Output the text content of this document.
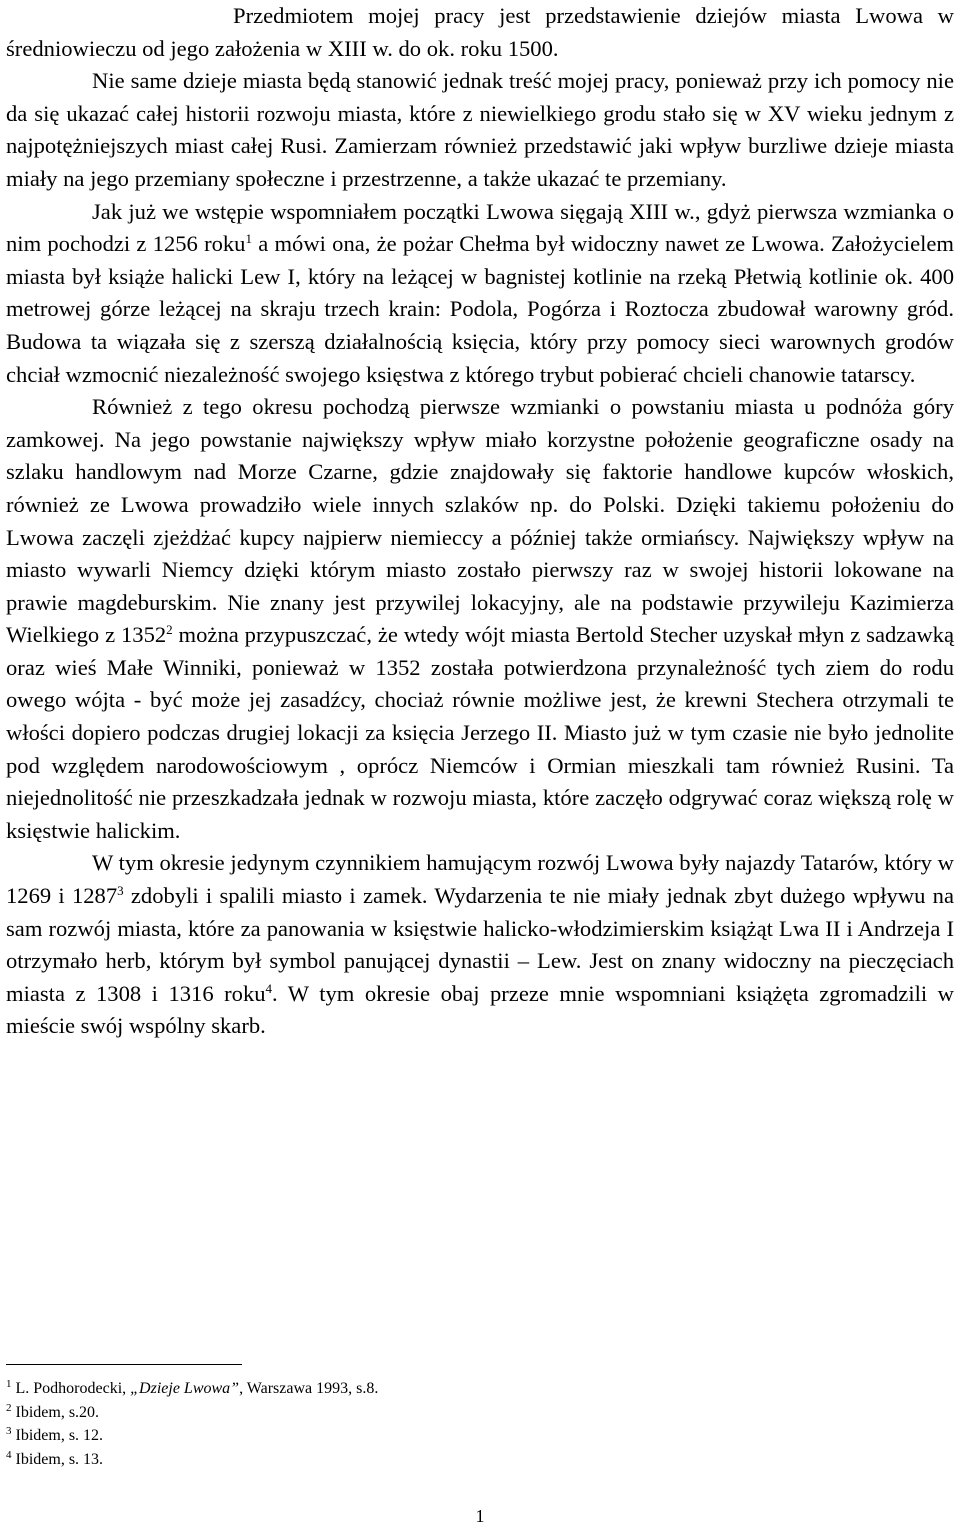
Przedmiotem mojej pracy jest przedstawienie dziejów miasta Lwowa w średniowieczu od jego założenia w XIII w. do ok. roku 1500.

Nie same dzieje miasta będą stanowić jednak treść mojej pracy, ponieważ przy ich pomocy nie da się ukazać całej historii rozwoju miasta, które z niewielkiego grodu stało się w XV wieku jednym z najpotężniejszych miast całej Rusi. Zamierzam również przedstawić jaki wpływ burzliwe dzieje miasta miały na jego przemiany społeczne i przestrzenne, a także ukazać te przemiany.

Jak już we wstępie wspomniałem początki Lwowa sięgają XIII w., gdyż pierwsza wzmianka o nim pochodzi z 1256 roku$^1$ a mówi ona, że pożar Chełma był widoczny nawet ze Lwowa. Założycielem miasta był książe halicki Lew I, który na leżącej w bagnistej kotlinie na rzeką Płetwią kotlinie ok. 400 metrowej górze leżącej na skraju trzech krain: Podola, Pogórza i Roztocza zbudował warowny gród. Budowa ta wiązała się z szerszą działalnością księcia, który przy pomocy sieci warownych grodów chciał wzmocnić niezależność swojego księstwa z którego trybut pobierać chcieli chanowie tatarscy.

Również z tego okresu pochodzą pierwsze wzmianki o powstaniu miasta u podnóża góry zamkowej. Na jego powstanie największy wpływ miało korzystne położenie geograficzne osady na szlaku handlowym nad Morze Czarne, gdzie znajdowały się faktorie handlowe kupców włoskich, również ze Lwowa prowadziło wiele innych szlaków np. do Polski. Dzięki takiemu położeniu do Lwowa zaczęli zjeżdżać kupcy najpierw niemieccy a później także ormiańscy. Największy wpływ na miasto wywarli Niemcy dzięki którym miasto zostało pierwszy raz w swojej historii lokowane na prawie magdeburskim. Nie znany jest przywilej lokacyjny, ale na podstawie przywileju Kazimierza Wielkiego z 1352$^2$ można przypuszczać, że wtedy wójt miasta Bertold Stecher uzyskał młyn z sadzawką oraz wieś Małe Winniki, ponieważ w 1352 została potwierdzona przynależność tych ziem do rodu owego wójta - być może jej zasadźcy, chociaż równie możliwe jest, że krewni Stechera otrzymali te włości dopiero podczas drugiej lokacji za księcia Jerzego II. Miasto już w tym czasie nie było jednolite pod względem narodowościowym , oprócz Niemców i Ormian mieszkali tam również Rusini. Ta niejednolitość nie przeszkadzała jednak w rozwoju miasta, które zaczęło odgrywać coraz większą rolę w księstwie halickim.

W tym okresie jedynym czynnikiem hamującym rozwój Lwowa były najazdy Tatarów, który w 1269 i 1287$^3$ zdobyli i spalili miasto i zamek. Wydarzenia te nie miały jednak zbyt dużego wpływu na sam rozwój miasta, które za panowania w księstwie halicko-włodzimierskim książąt Lwa II i Andrzeja I otrzymało herb, którym był symbol panującej dynastii – Lew. Jest on znany widoczny na pieczęciach miasta z 1308 i 1316 roku$^4$. W tym okresie obaj przeze mnie wspomniani książęta zgromadzili w mieście swój wspólny skarb.

$^1$ L. Podhorodecki, „Dzieje Lwowa”, Warszawa 1993, s.8.

$^2$ Ibidem, s.20.

$^3$ Ibidem, s. 12.

$^4$ Ibidem, s. 13.

1
